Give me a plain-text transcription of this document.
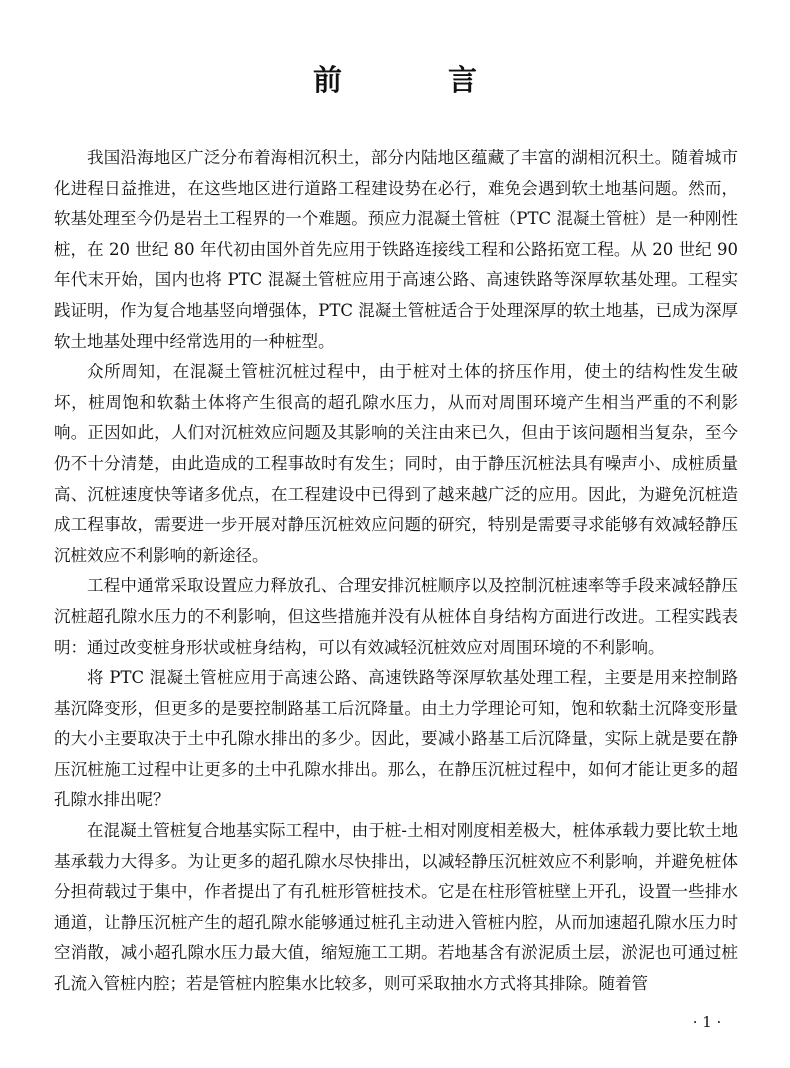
前 言

我国沿海地区广泛分布着海相沉积土，部分内陆地区蕴藏了丰富的湖相沉积土。随着城市化进程日益推进，在这些地区进行道路工程建设势在必行，难免会遇到软土地基问题。然而，软基处理至今仍是岩土工程界的一个难题。预应力混凝土管桩（PTC 混凝土管桩）是一种刚性桩，在 20 世纪 80 年代初由国外首先应用于铁路连接线工程和公路拓宽工程。从 20 世纪 90 年代末开始，国内也将 PTC 混凝土管桩应用于高速公路、高速铁路等深厚软基处理。工程实践证明，作为复合地基竖向增强体，PTC 混凝土管桩适合于处理深厚的软土地基，已成为深厚软土地基处理中经常选用的一种桩型。

众所周知，在混凝土管桩沉桩过程中，由于桩对土体的挤压作用，使土的结构性发生破坏，桩周饱和软黏土体将产生很高的超孔隙水压力，从而对周围环境产生相当严重的不利影响。正因如此，人们对沉桩效应问题及其影响的关注由来已久，但由于该问题相当复杂，至今仍不十分清楚，由此造成的工程事故时有发生；同时，由于静压沉桩法具有噪声小、成桩质量高、沉桩速度快等诸多优点，在工程建设中已得到了越来越广泛的应用。因此，为避免沉桩造成工程事故，需要进一步开展对静压沉桩效应问题的研究，特别是需要寻求能够有效减轻静压沉桩效应不利影响的新途径。

工程中通常采取设置应力释放孔、合理安排沉桩顺序以及控制沉桩速率等手段来减轻静压沉桩超孔隙水压力的不利影响，但这些措施并没有从桩体自身结构方面进行改进。工程实践表明：通过改变桩身形状或桩身结构，可以有效减轻沉桩效应对周围环境的不利影响。

将 PTC 混凝土管桩应用于高速公路、高速铁路等深厚软基处理工程，主要是用来控制路基沉降变形，但更多的是要控制路基工后沉降量。由土力学理论可知，饱和软黏土沉降变形量的大小主要取决于土中孔隙水排出的多少。因此，要减小路基工后沉降量，实际上就是要在静压沉桩施工过程中让更多的土中孔隙水排出。那么，在静压沉桩过程中，如何才能让更多的超孔隙水排出呢？

在混凝土管桩复合地基实际工程中，由于桩-土相对刚度相差极大，桩体承载力要比软土地基承载力大得多。为让更多的超孔隙水尽快排出，以减轻静压沉桩效应不利影响，并避免桩体分担荷载过于集中，作者提出了有孔桩形管桩技术。它是在柱形管桩壁上开孔，设置一些排水通道，让静压沉桩产生的超孔隙水能够通过桩孔主动进入管桩内腔，从而加速超孔隙水压力时空消散，减小超孔隙水压力最大值，缩短施工工期。若地基含有淤泥质土层，淤泥也可通过桩孔流入管桩内腔；若是管桩内腔集水比较多，则可采取抽水方式将其排除。随着管

· 1 ·
